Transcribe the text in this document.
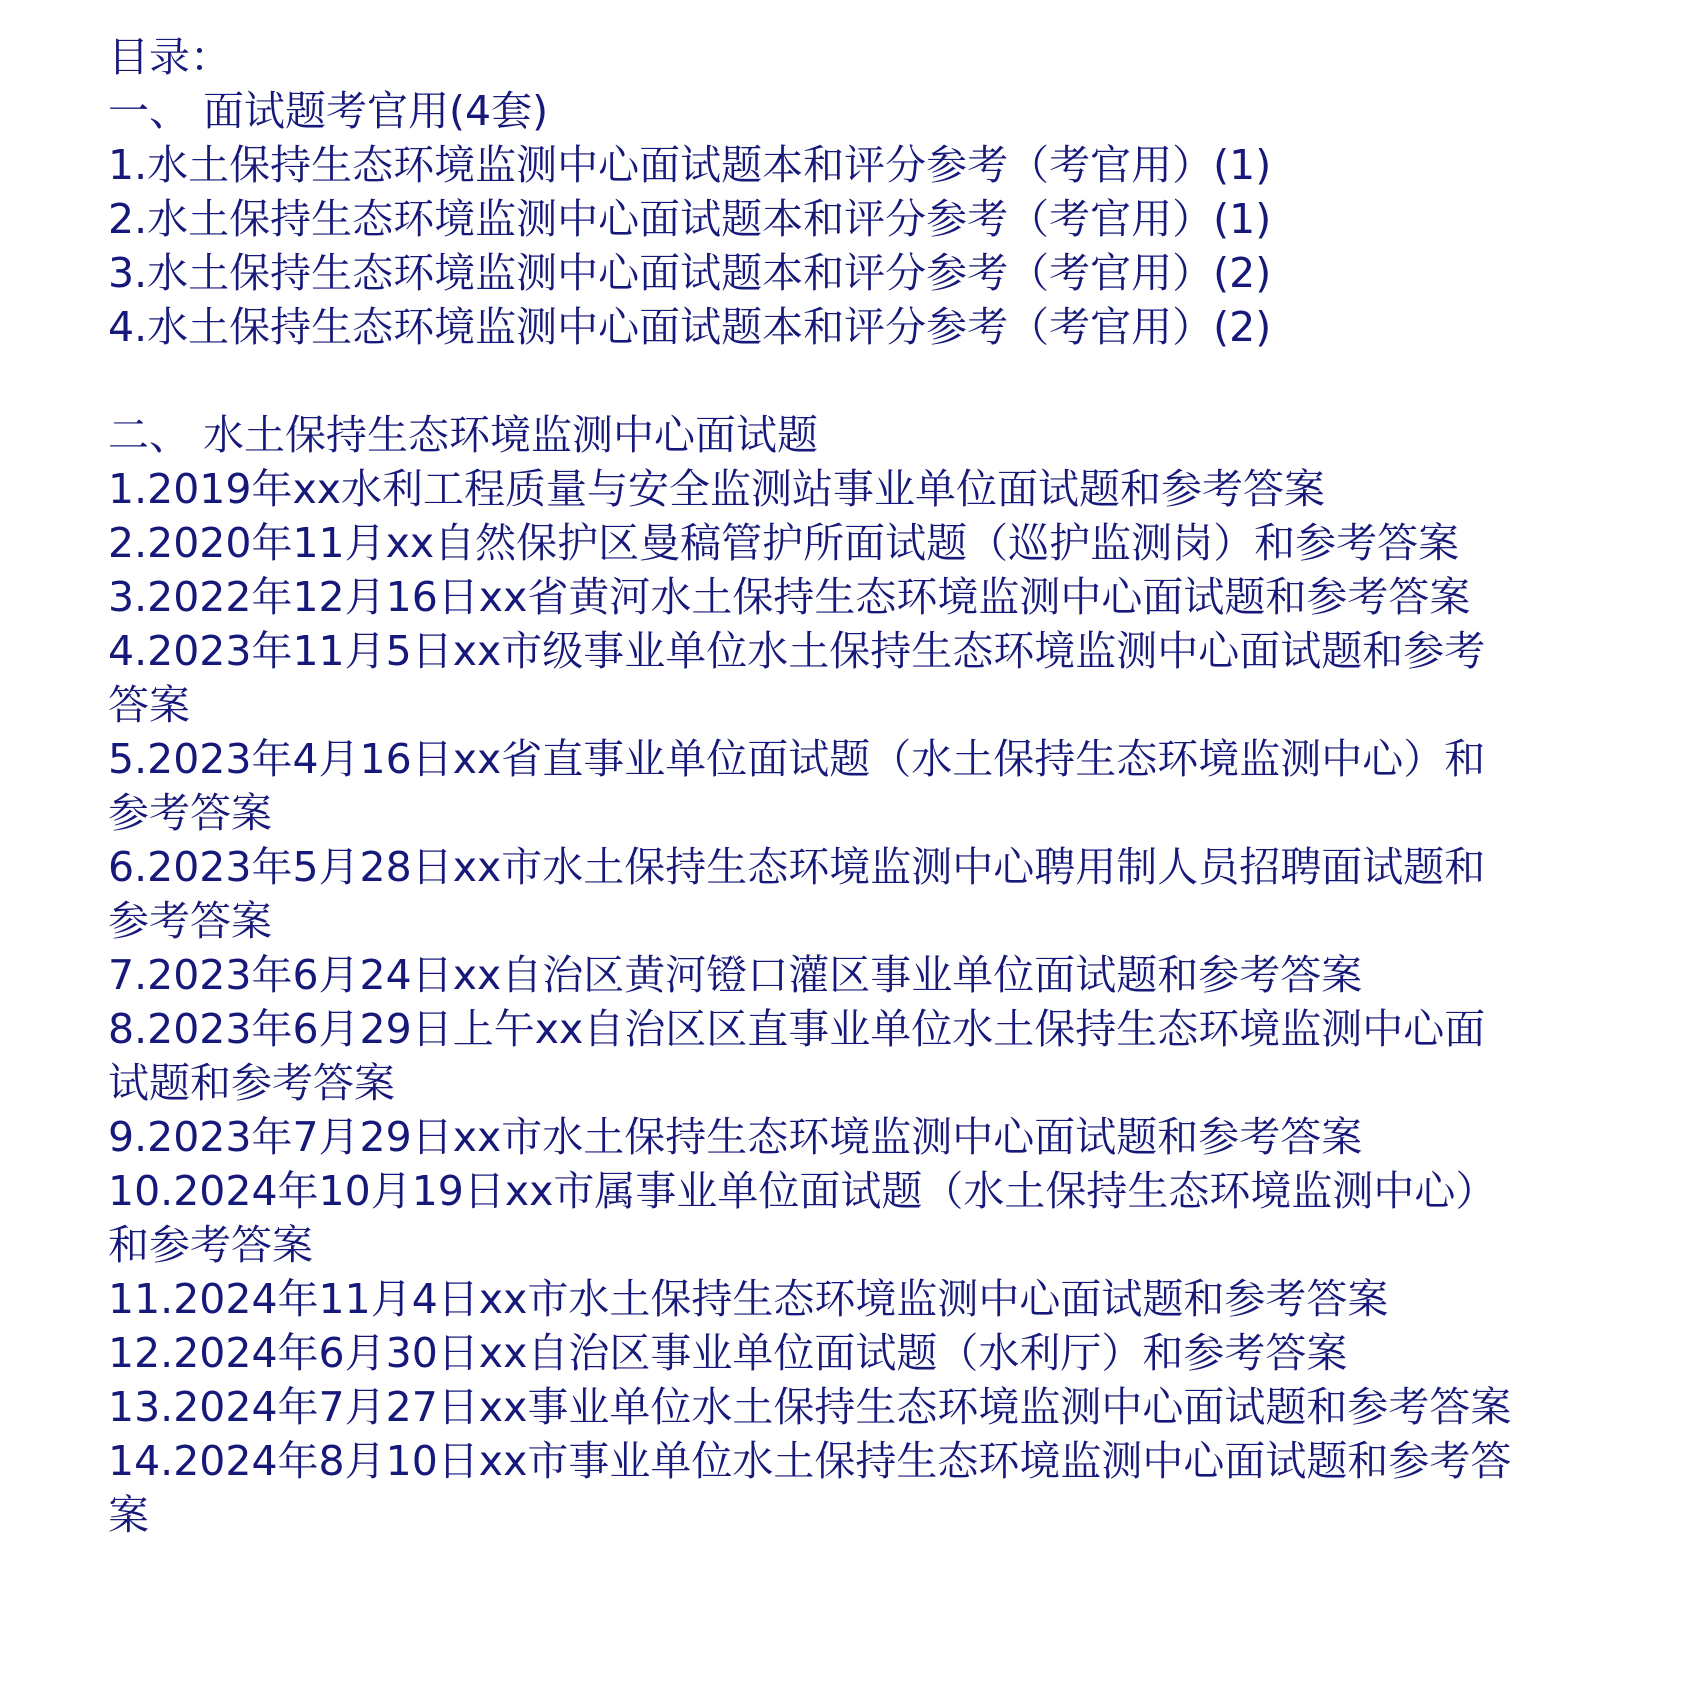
目录：
一、 面试题考官用(4套)
1.水土保持生态环境监测中心面试题本和评分参考（考官用）(1)
2.水土保持生态环境监测中心面试题本和评分参考（考官用）(1)
3.水土保持生态环境监测中心面试题本和评分参考（考官用）(2)
4.水土保持生态环境监测中心面试题本和评分参考（考官用）(2)
二、 水土保持生态环境监测中心面试题
1.2019年xx水利工程质量与安全监测站事业单位面试题和参考答案
2.2020年11月xx自然保护区曼稿管护所面试题（巡护监测岗）和参考答案
3.2022年12月16日xx省黄河水土保持生态环境监测中心面试题和参考答案
4.2023年11月5日xx市级事业单位水土保持生态环境监测中心面试题和参考
答案
5.2023年4月16日xx省直事业单位面试题（水土保持生态环境监测中心）和
参考答案
6.2023年5月28日xx市水土保持生态环境监测中心聘用制人员招聘面试题和
参考答案
7.2023年6月24日xx自治区黄河镫口灌区事业单位面试题和参考答案
8.2023年6月29日上午xx自治区区直事业单位水土保持生态环境监测中心面
试题和参考答案
9.2023年7月29日xx市水土保持生态环境监测中心面试题和参考答案
10.2024年10月19日xx市属事业单位面试题（水土保持生态环境监测中心）
和参考答案
11.2024年11月4日xx市水土保持生态环境监测中心面试题和参考答案
12.2024年6月30日xx自治区事业单位面试题（水利厅）和参考答案
13.2024年7月27日xx事业单位水土保持生态环境监测中心面试题和参考答案
14.2024年8月10日xx市事业单位水土保持生态环境监测中心面试题和参考答
案
